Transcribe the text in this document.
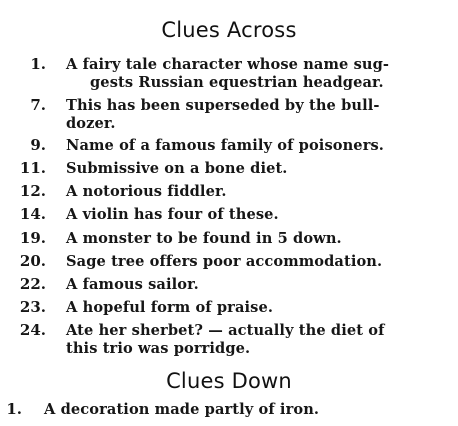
Clues Across
1. A fairy tale character whose name sug-
gests Russian equestrian headgear.
7. This has been superseded by the bull-
dozer.
9. Name of a famous family of poisoners.
11. Submissive on a bone diet.
12. A notorious fiddler.
14. A violin has four of these.
19. A monster to be found in 5 down.
20. Sage tree offers poor accommodation.
22. A famous sailor.
23. A hopeful form of praise.
24. Ate her sherbet? — actually the diet of
this trio was porridge.
Clues Down
1. A decoration made partly of iron.
